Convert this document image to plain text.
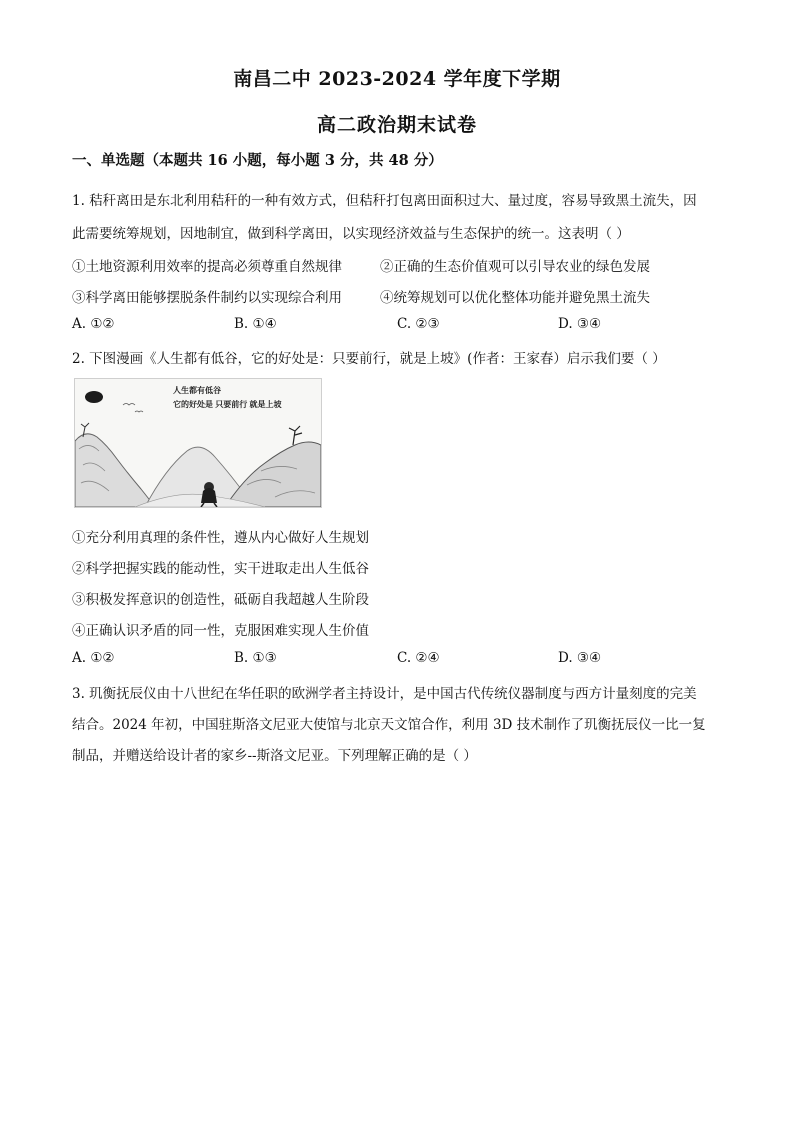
南昌二中 2023-2024 学年度下学期
高二政治期末试卷
一、单选题（本题共 16 小题，每小题 3 分，共 48 分）
1. 秸秆离田是东北利用秸秆的一种有效方式，但秸秆打包离田面积过大、量过度，容易导致黑土流失，因
此需要统筹规划，因地制宜，做到科学离田，以实现经济效益与生态保护的统一。这表明（ ）
①土地资源利用效率的提高必须尊重自然规律	②正确的生态价值观可以引导农业的绿色发展
③科学离田能够摆脱条件制约以实现综合利用	④统筹规划可以优化整体功能并避免黑土流失
A. ①②	B. ①④	C. ②③	D. ③④
2. 下图漫画《人生都有低谷，它的好处是：只要前行，就是上坡》(作者：王家春）启示我们要（ ）
人生都有低谷
它的好处是 只要前行 就是上坡
①充分利用真理的条件性，遵从内心做好人生规划
②科学把握实践的能动性，实干进取走出人生低谷
③积极发挥意识的创造性，砥砺自我超越人生阶段
④正确认识矛盾的同一性，克服困难实现人生价值
A. ①②	B. ①③	C. ②④	D. ③④
3. 玑衡抚辰仪由十八世纪在华任职的欧洲学者主持设计，是中国古代传统仪器制度与西方计量刻度的完美
结合。2024 年初，中国驻斯洛文尼亚大使馆与北京天文馆合作，利用 3D 技术制作了玑衡抚辰仪一比一复
制品，并赠送给设计者的家乡--斯洛文尼亚。下列理解正确的是（ ）
